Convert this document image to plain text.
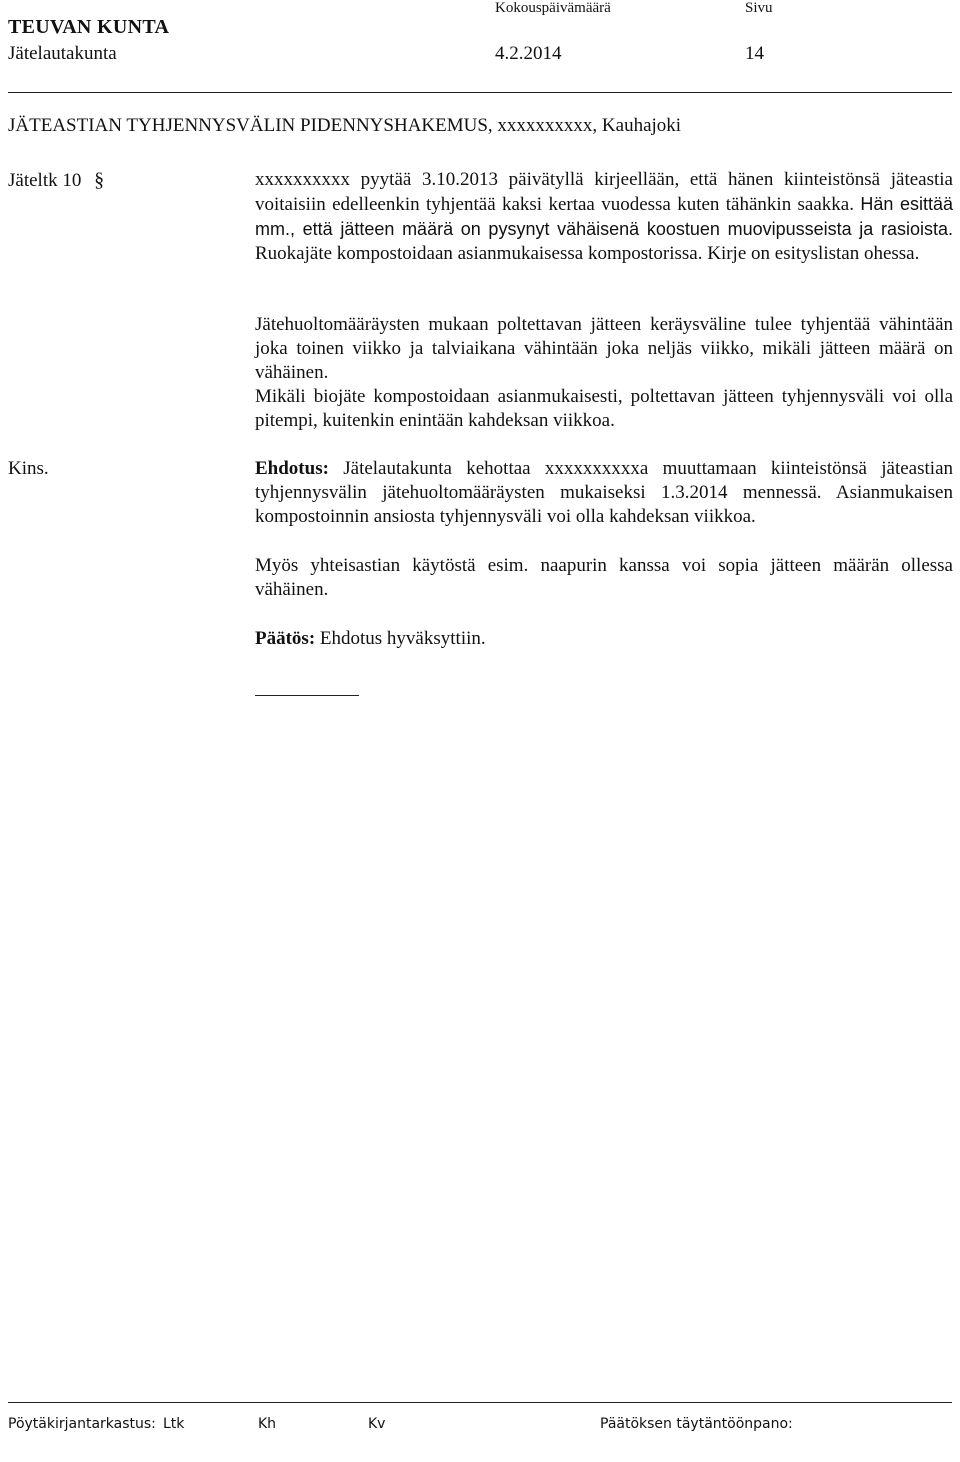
TEUVAN KUNTA
Kokouspäivämäärä	Sivu
Jätelautakunta	4.2.2014	14
JÄTEASTIAN TYHJENNYSVÄLIN PIDENNYSHAKEMUS, xxxxxxxxxx, Kauhajoki
Jäteltk 10 §	xxxxxxxxxx pyytää 3.10.2013 päivätyllä kirjeellään, että hänen kiinteistönsä jäteastia voitaisiin edelleenkin tyhjentää kaksi kertaa vuodessa kuten tähänkin saakka. Hän esittää mm., että jätteen määrä on pysynyt vähäisenä koostuen muovipusseista ja rasioista. Ruokajäte kompostoidaan asianmukaisessa kompostorissa. Kirje on esityslistan ohessa.

Jätehuoltomääräysten mukaan poltettavan jätteen keräysväline tulee tyhjentää vähintään joka toinen viikko ja talviaikana vähintään joka neljäs viikko, mikäli jätteen määrä on vähäinen.

Mikäli biojäte kompostoidaan asianmukaisesti, poltettavan jätteen tyhjennysväli voi olla pitempi, kuitenkin enintään kahdeksan viikkoa.

Kins.	Ehdotus: Jätelautakunta kehottaa xxxxxxxxxxa muuttamaan kiinteistönsä jäteastian tyhjennysvälin jätehuoltomääräysten mukaiseksi 1.3.2014 mennessä. Asianmukaisen kompostoinnin ansiosta tyhjennysväli voi olla kahdeksan viikkoa.

Myös yhteisastian käytöstä esim. naapurin kanssa voi sopia jätteen määrän ollessa vähäinen.

Päätös: Ehdotus hyväksyttiin.

Pöytäkirjantarkastus: Ltk	Kh	Kv	Päätöksen täytäntöönpano:
